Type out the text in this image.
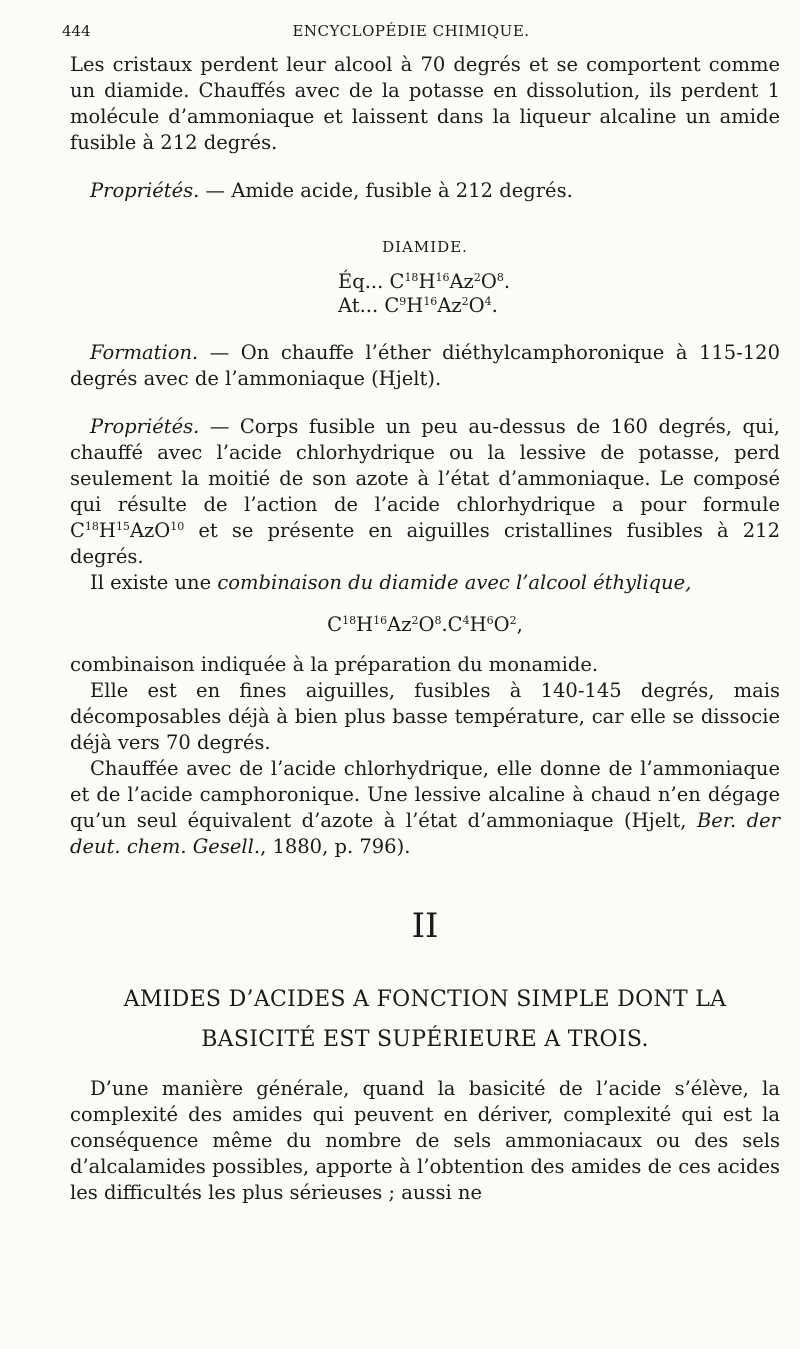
444	ENCYCLOPÉDIE CHIMIQUE.

Les cristaux perdent leur alcool à 70 degrés et se comportent comme un diamide. Chauffés avec de la potasse en dissolution, ils perdent 1 molécule d’ammoniaque et laissent dans la liqueur alcaline un amide fusible à 212 degrés.

Propriétés. — Amide acide, fusible à 212 degrés.

DIAMIDE.
Éq... $C^{18}H^{16}Az^2O^8$.
At... $C^9H^{16}Az^2O^4$.

Formation. — On chauffe l’éther diéthylcamphoronique à 115-120 degrés avec de l’ammoniaque (Hjelt).

Propriétés. — Corps fusible un peu au-dessus de 160 degrés, qui, chauffé avec l’acide chlorhydrique ou la lessive de potasse, perd seulement la moitié de son azote à l’état d’ammoniaque. Le composé qui résulte de l’action de l’acide chlorhydrique a pour formule $C^{18}H^{15}AzO^{10}$ et se présente en aiguilles cristallines fusibles à 212 degrés.

Il existe une combinaison du diamide avec l’alcool éthylique,

$C^{18}H^{16}Az^2O^8.C^4H^6O^2$,

combinaison indiquée à la préparation du monamide.

Elle est en fines aiguilles, fusibles à 140-145 degrés, mais décomposables déjà à bien plus basse température, car elle se dissocie déjà vers 70 degrés.

Chauffée avec de l’acide chlorhydrique, elle donne de l’ammoniaque et de l’acide camphoronique. Une lessive alcaline à chaud n’en dégage qu’un seul équivalent d’azote à l’état d’ammoniaque (Hjelt, Ber. der deut. chem. Gesell., 1880, p. 796).

II
AMIDES D’ACIDES A FONCTION SIMPLE DONT LA
BASICITÉ EST SUPÉRIEURE A TROIS.

D’une manière générale, quand la basicité de l’acide s’élève, la complexité des amides qui peuvent en dériver, complexité qui est la conséquence même du nombre de sels ammoniacaux ou des sels d’alcalamides possibles, apporte à l’obtention des amides de ces acides les difficultés les plus sérieuses ; aussi ne
